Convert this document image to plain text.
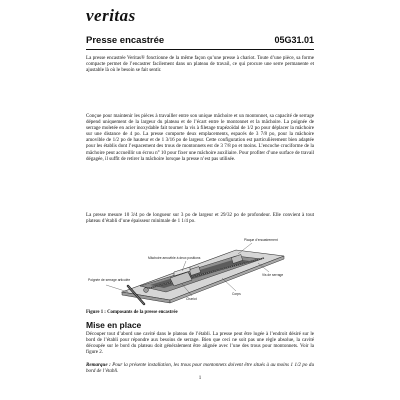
veritas
Presse encastrée	05G31.01
La presse encastrée Veritas® fonctionne de la même façon qu’une presse à chariot. Toute d’une pièce, sa forme compacte permet de l’encastrer facilement dans un plateau de travail, ce qui procure une serre permanente et ajustable là où le besoin se fait sentir.
Conçue pour maintenir les pièces à travailler entre son unique mâchoire et un montonnet, sa capacité de serrage dépend uniquement de la largeur du plateau et de l’écart entre le montonnet et la mâchoire. La poignée de serrage moletée en acier inoxydable fait tourner la vis à filetage trapézoïdal de 1/2 po pour déplacer la mâchoire sur une distance de 4 po. La presse comporte deux emplacements, espacés de 3 7/8 po, pour la mâchoire amovible de 1/2 po de hauteur et de 1 3/16 po de largeur. Cette configuration est particulièrement bien adaptée pour les établis dont l’espacement des trous de montonnets est de 3 7/8 po et moins. L’encoche cruciforme de la mâchoire peut accueillir un écrou n° 10 pour fixer une mâchoire auxiliaire. Pour profiter d’une surface de travail dégagée, il suffit de retirer la mâchoire lorsque la presse n’est pas utilisée.
La presse mesure 10 3/4 po de longueur sur 3 po de largeur et 29/32 po de profondeur. Elle convient à tout plateau d’établi d’une épaisseur minimale de 1 1/4 po.
Plaque d’encastrement
Mâchoire amovible à deux positions
Vis de serrage
Poignée de serrage articulée
Corps
Chariot
Figure 1 : Composants de la presse encastrée
Mise en place
Découper tout d’abord une cavité dans le plateau de l’établi. La presse peut être logée à l’endroit désiré sur le bord de l’établi pour répondre aux besoins de serrage. Bien que ceci ne soit pas une règle absolue, la cavité découpée sur le bord du plateau doit généralement être alignée avec l’une des trous pour montonnets. Voir la figure 2.
Remarque : Pour la présente installation, les trous pour montonnets doivent être situés à au moins 1 1/2 po du bord de l’établi.
1
